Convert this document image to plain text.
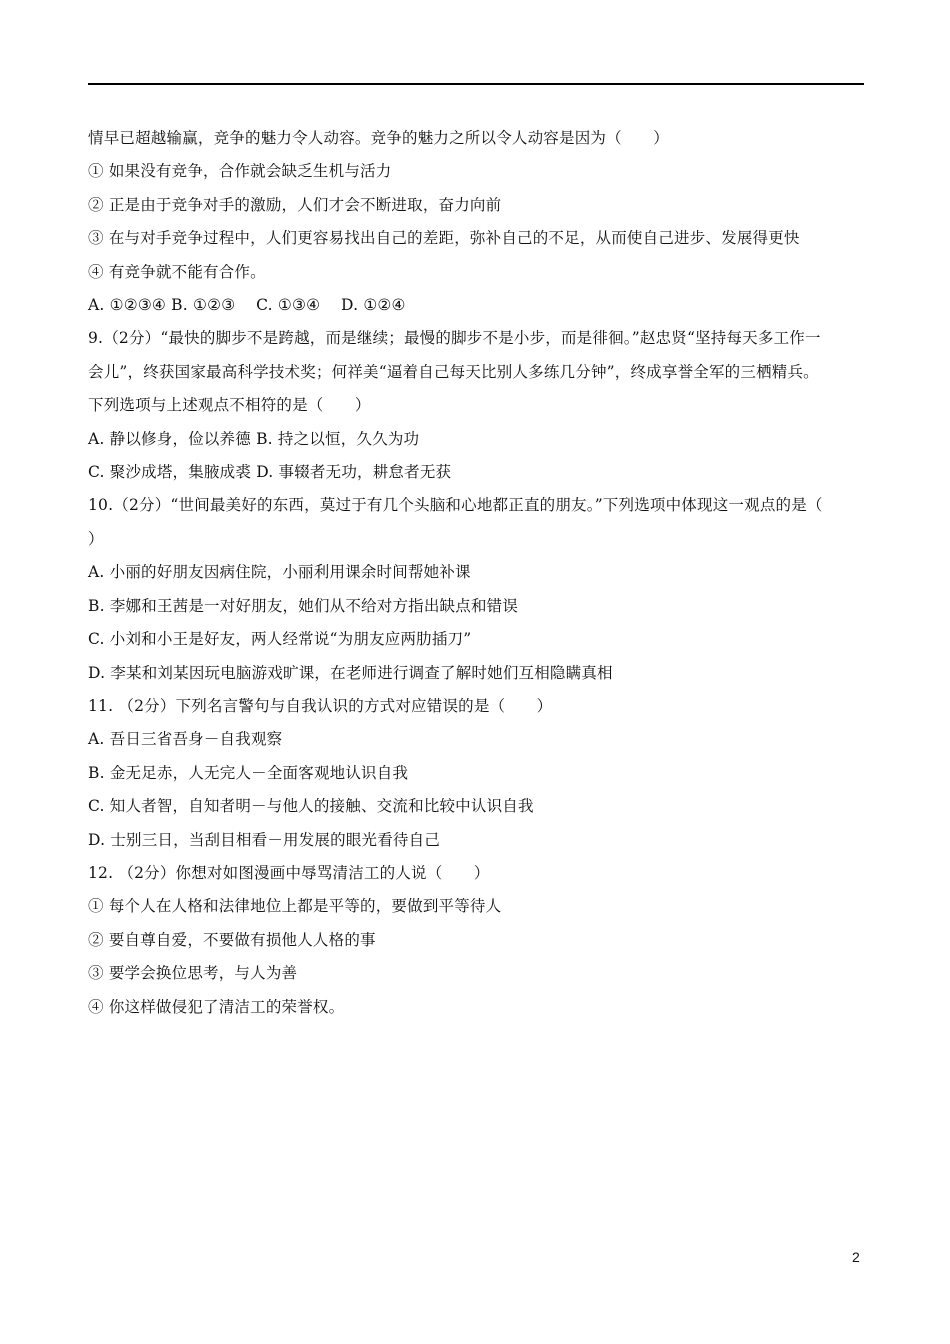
情早已超越输赢，竞争的魅力令人动容。竞争的魅力之所以令人动容是因为（　　）
① 如果没有竞争，合作就会缺乏生机与活力
② 正是由于竞争对手的激励，人们才会不断进取，奋力向前
③ 在与对手竞争过程中，人们更容易找出自己的差距，弥补自己的不足，从而使自己进步、发展得更快
④ 有竞争就不能有合作。
A. ①②③④ B. ①②③　 C. ①③④　 D. ①②④
9.（2分）“最快的脚步不是跨越，而是继续；最慢的脚步不是小步，而是徘徊。”赵忠贤“坚持每天多工作一
会儿”，终获国家最高科学技术奖；何祥美“逼着自己每天比别人多练几分钟”，终成享誉全军的三栖精兵。
下列选项与上述观点不相符的是（　　）
A. 静以修身，俭以养德 B. 持之以恒，久久为功
C. 聚沙成塔，集腋成裘 D. 事辍者无功，耕怠者无获
10.（2分）“世间最美好的东西，莫过于有几个头脑和心地都正直的朋友。”下列选项中体现这一观点的是（
）
A. 小丽的好朋友因病住院，小丽利用课余时间帮她补课
B. 李娜和王茜是一对好朋友，她们从不给对方指出缺点和错误
C. 小刘和小王是好友，两人经常说“为朋友应两肋插刀”
D. 李某和刘某因玩电脑游戏旷课，在老师进行调查了解时她们互相隐瞒真相
11. （2分）下列名言警句与自我认识的方式对应错误的是（　　）
A. 吾日三省吾身－自我观察
B. 金无足赤，人无完人－全面客观地认识自我
C. 知人者智，自知者明－与他人的接触、交流和比较中认识自我
D. 士别三日，当刮目相看－用发展的眼光看待自己
12. （2分）你想对如图漫画中辱骂清洁工的人说（　　）
① 每个人在人格和法律地位上都是平等的，要做到平等待人
② 要自尊自爱，不要做有损他人人格的事
③ 要学会换位思考，与人为善
④ 你这样做侵犯了清洁工的荣誉权。
2
